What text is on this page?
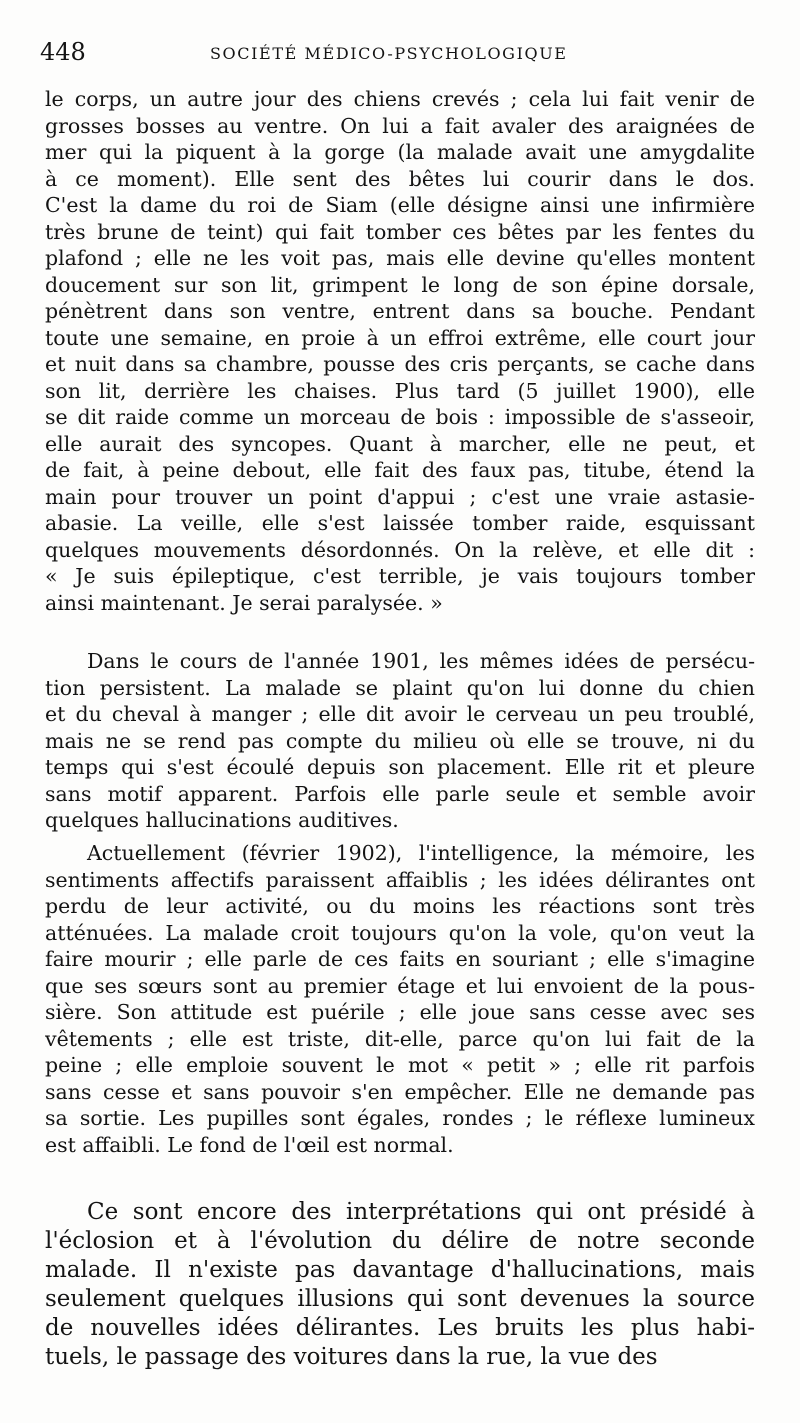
448	SOCIÉTÉ MÉDICO-PSYCHOLOGIQUE
le corps, un autre jour des chiens crevés ; cela lui fait venir de
grosses bosses au ventre. On lui a fait avaler des araignées de
mer qui la piquent à la gorge (la malade avait une amygdalite
à ce moment). Elle sent des bêtes lui courir dans le dos.
C'est la dame du roi de Siam (elle désigne ainsi une infirmière
très brune de teint) qui fait tomber ces bêtes par les fentes du
plafond ; elle ne les voit pas, mais elle devine qu'elles montent
doucement sur son lit, grimpent le long de son épine dorsale,
pénètrent dans son ventre, entrent dans sa bouche. Pendant
toute une semaine, en proie à un effroi extrême, elle court jour
et nuit dans sa chambre, pousse des cris perçants, se cache dans
son lit, derrière les chaises. Plus tard (5 juillet 1900), elle
se dit raide comme un morceau de bois : impossible de s'asseoir,
elle aurait des syncopes. Quant à marcher, elle ne peut, et
de fait, à peine debout, elle fait des faux pas, titube, étend la
main pour trouver un point d'appui ; c'est une vraie astasie-
abasie. La veille, elle s'est laissée tomber raide, esquissant
quelques mouvements désordonnés. On la relève, et elle dit :
« Je suis épileptique, c'est terrible, je vais toujours tomber
ainsi maintenant. Je serai paralysée. »
Dans le cours de l'année 1901, les mêmes idées de persécu-
tion persistent. La malade se plaint qu'on lui donne du chien
et du cheval à manger ; elle dit avoir le cerveau un peu troublé,
mais ne se rend pas compte du milieu où elle se trouve, ni du
temps qui s'est écoulé depuis son placement. Elle rit et pleure
sans motif apparent. Parfois elle parle seule et semble avoir
quelques hallucinations auditives.
Actuellement (février 1902), l'intelligence, la mémoire, les
sentiments affectifs paraissent affaiblis ; les idées délirantes ont
perdu de leur activité, ou du moins les réactions sont très
atténuées. La malade croit toujours qu'on la vole, qu'on veut la
faire mourir ; elle parle de ces faits en souriant ; elle s'imagine
que ses sœurs sont au premier étage et lui envoient de la pous-
sière. Son attitude est puérile ; elle joue sans cesse avec ses
vêtements ; elle est triste, dit-elle, parce qu'on lui fait de la
peine ; elle emploie souvent le mot « petit » ; elle rit parfois
sans cesse et sans pouvoir s'en empêcher. Elle ne demande pas
sa sortie. Les pupilles sont égales, rondes ; le réflexe lumineux
est affaibli. Le fond de l'œil est normal.
Ce sont encore des interprétations qui ont présidé à
l'éclosion et à l'évolution du délire de notre seconde
malade. Il n'existe pas davantage d'hallucinations, mais
seulement quelques illusions qui sont devenues la source
de nouvelles idées délirantes. Les bruits les plus habi-
tuels, le passage des voitures dans la rue, la vue des
